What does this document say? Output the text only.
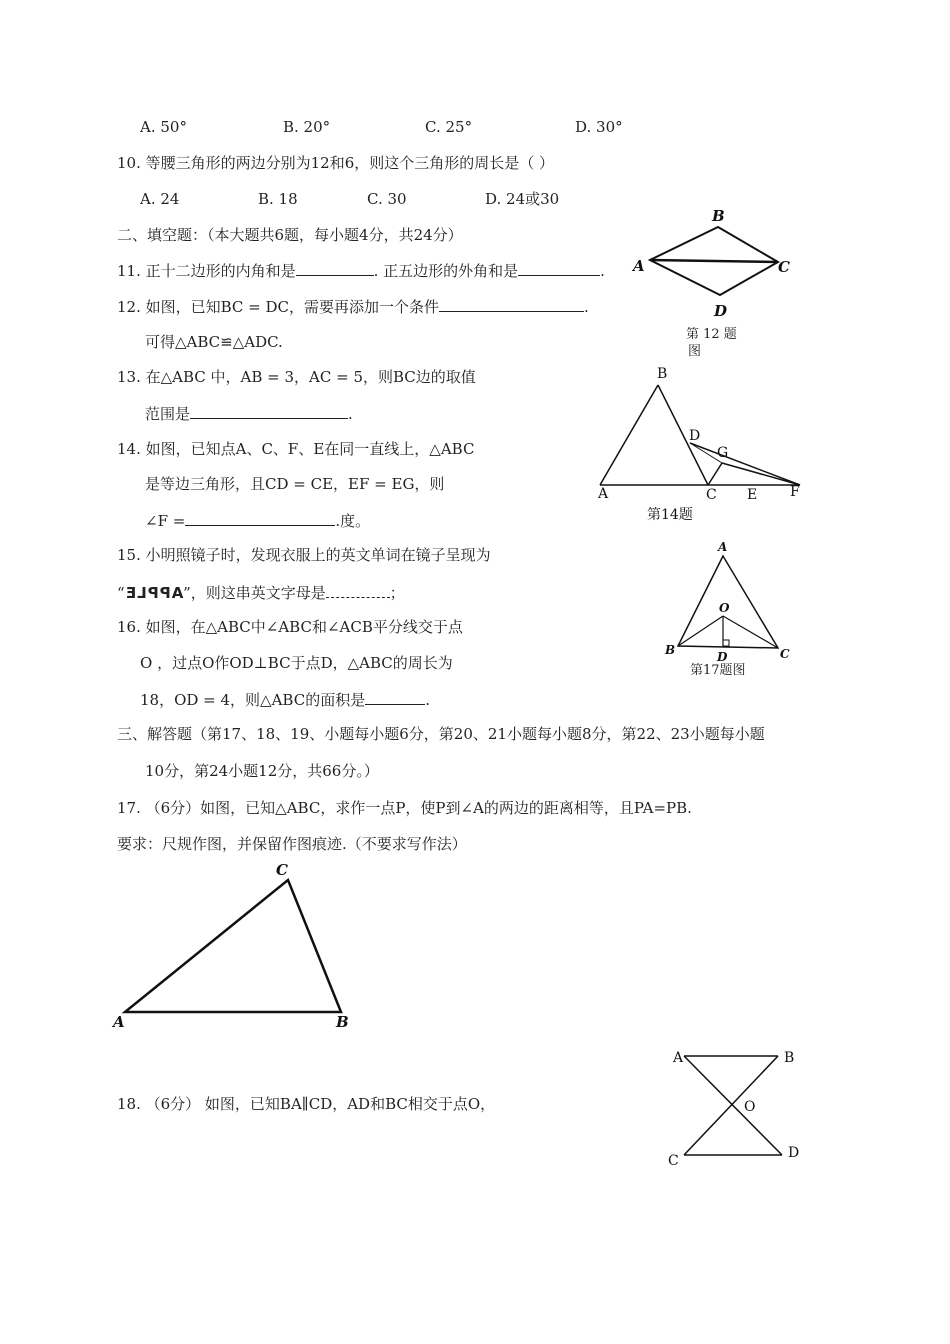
A. 50°	B. 20°	C. 25°	D. 30°
10. 等腰三角形的两边分别为12和6，则这个三角形的周长是（ ）
A. 24	B. 18	C. 30	D. 24或30
二、填空题：（本大题共6题，每小题4分，共24分）
11. 正十二边形的内角和是	. 正五边形的外角和是	.
12. 如图，已知BC = DC，需要再添加一个条件	.
可得△ABC≌△ADC.
13. 在△ABC 中，AB = 3，AC = 5，则BC边的取值
范围是	.
14. 如图，已知点A、C、F、E在同一直线上，△ABC
是等边三角形，且CD = CE，EF = EG，则
∠F =	.度。
15. 小明照镜子时，发现衣服上的英文单词在镜子呈现为
“APPLE”，则这串英文字母是	；
16. 如图，在△ABC中∠ABC和∠ACB平分线交于点
O ，过点O作OD⊥BC于点D，△ABC的周长为
18，OD = 4，则△ABC的面积是	.
三、解答题（第17、18、19、小题每小题6分，第20、21小题每小题8分，第22、23小题每小题
10分，第24小题12分，共66分。）
17. （6分）如图，已知△ABC，求作一点P，使P到∠A的两边的距离相等，且PA=PB.
要求：尺规作图，并保留作图痕迹.（不要求写作法）
18. （6分） 如图，已知BA∥CD，AD和BC相交于点O，
A
B
C
D
第 12 题
图
A
B
C
D
E F
G
第14题
A
B	C
O
D
第17题图
A	B
C
A	B
C	D
O
